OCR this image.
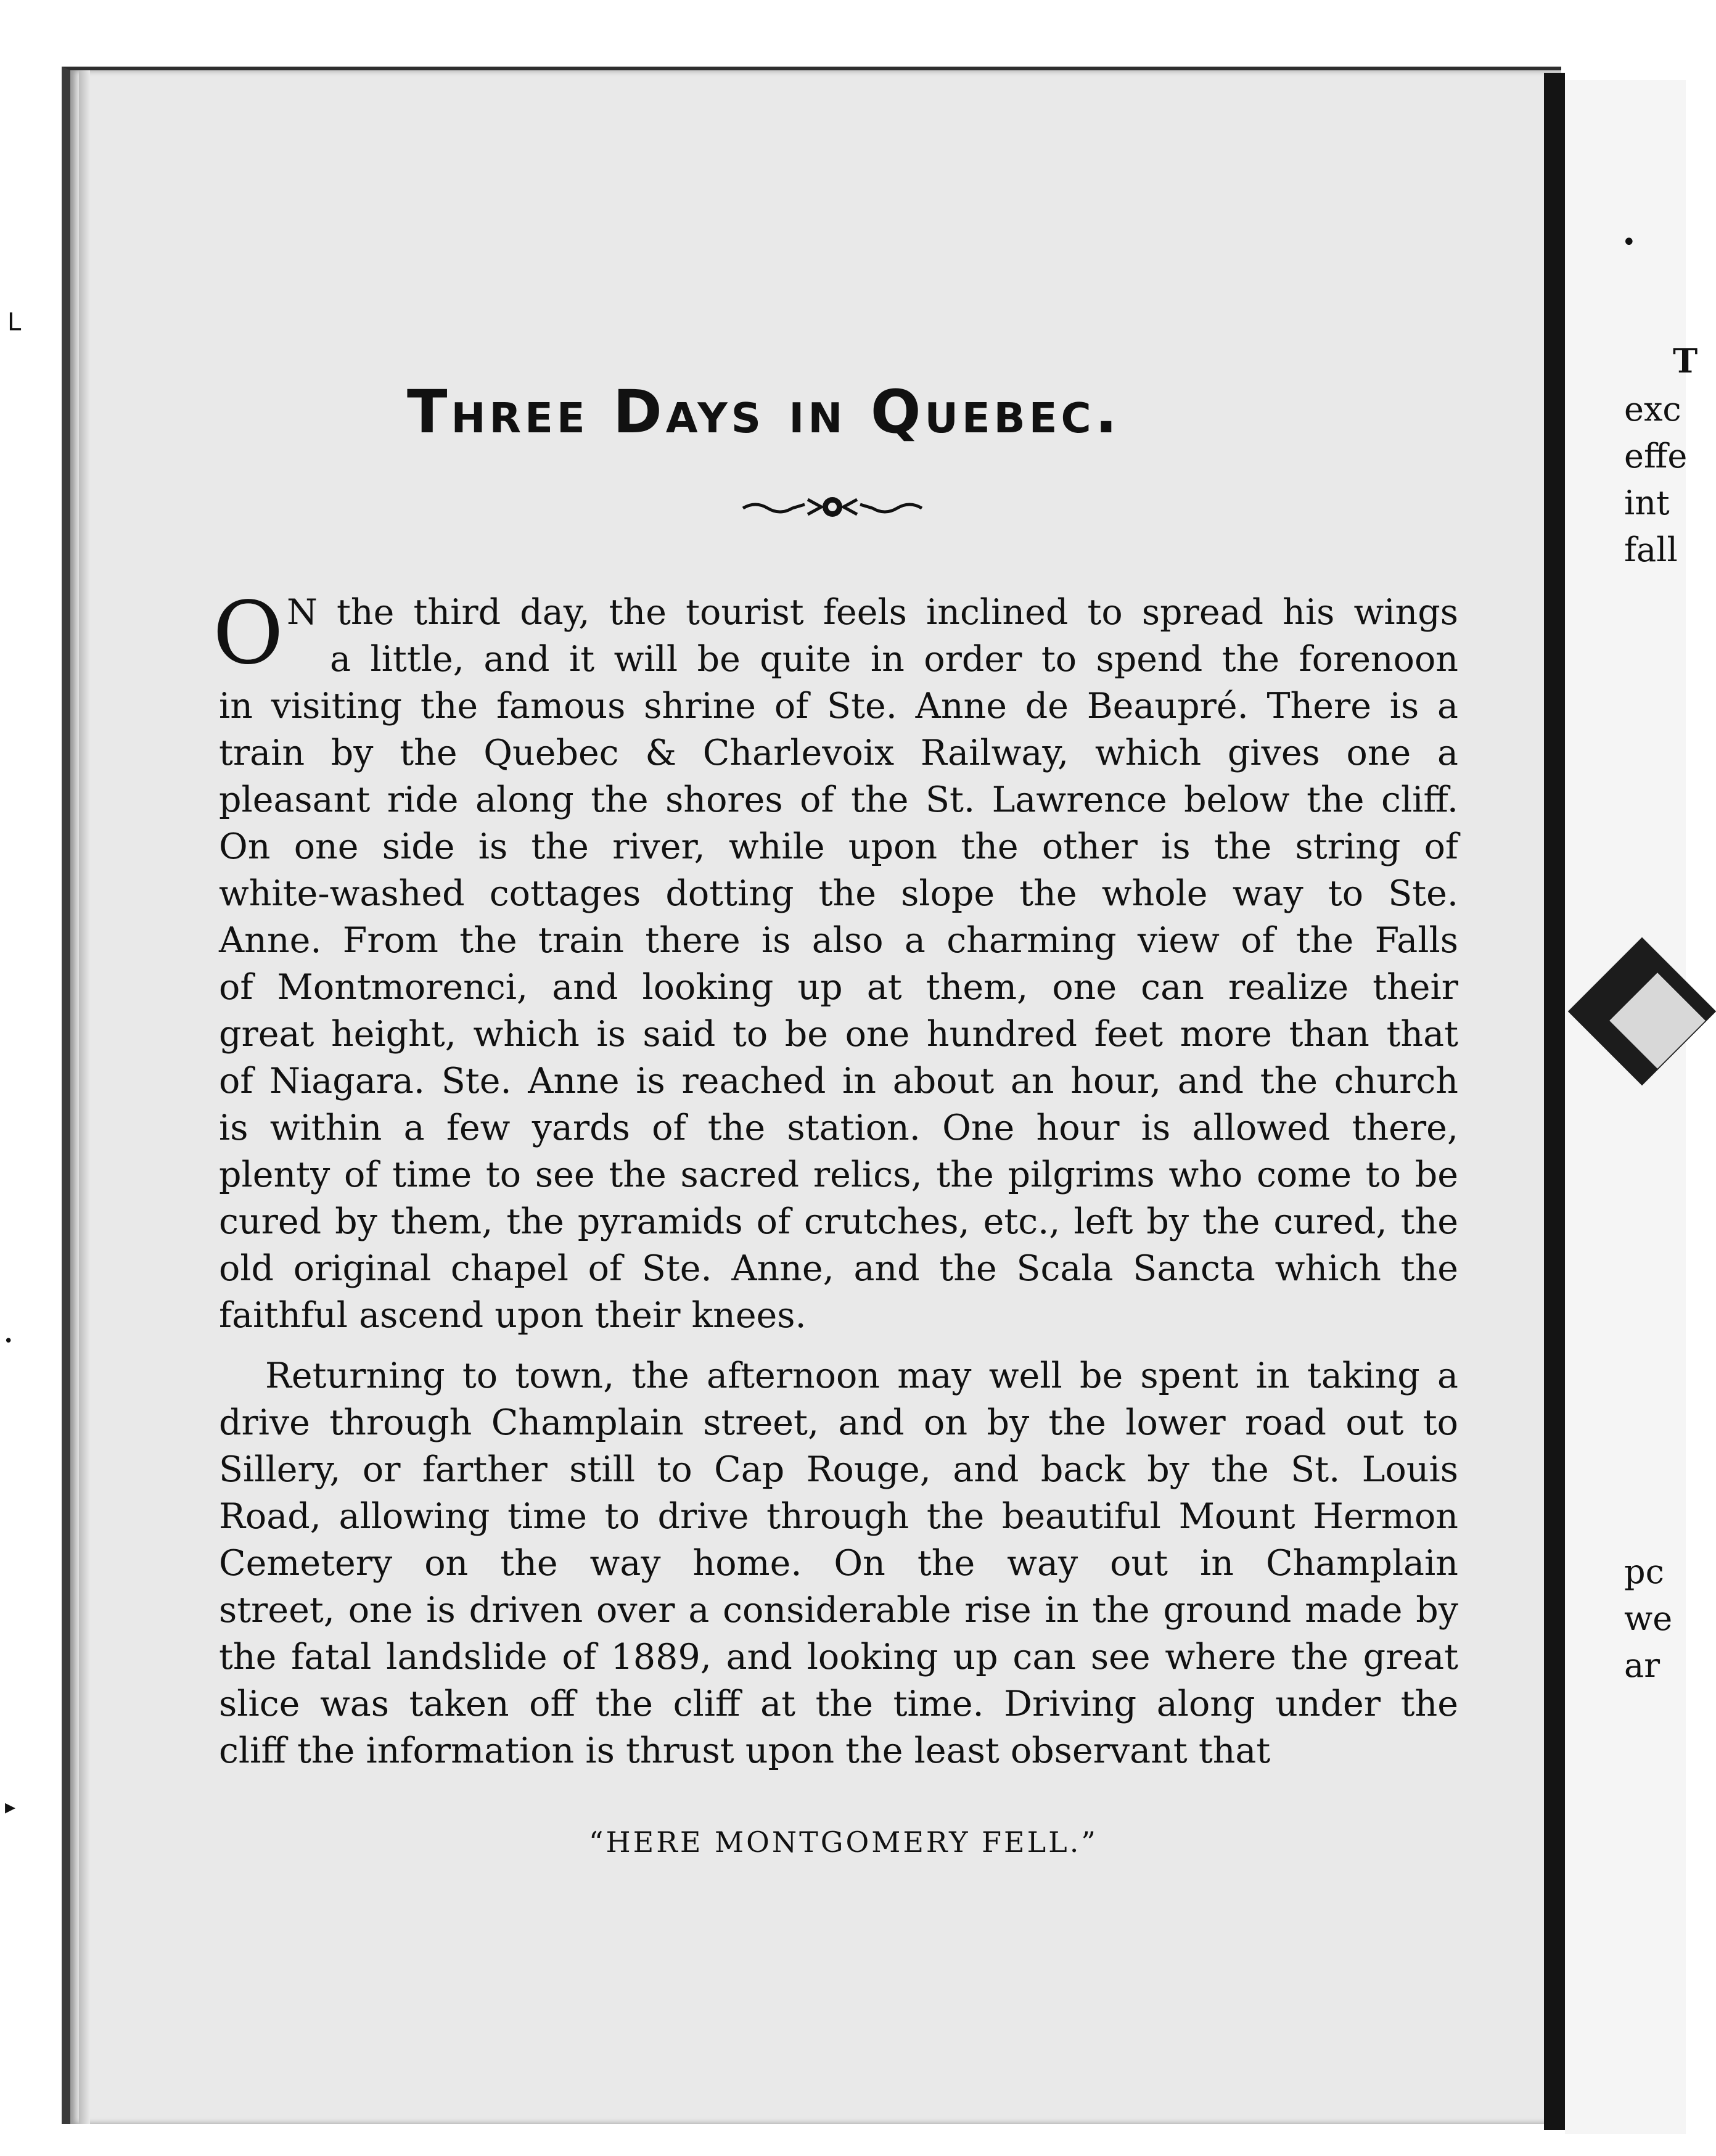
ᒪ
•
▸
Three Days in Quebec.
O N the third day, the tourist feels inclined to spread his wings
a little, and it will be quite in order to spend the forenoon
in visiting the famous shrine of Ste. Anne de Beaupré. There is a
train by the Quebec & Charlevoix Railway, which gives one a
pleasant ride along the shores of the St. Lawrence below the cliff.
On one side is the river, while upon the other is the string of
white-washed cottages dotting the slope the whole way to Ste.
Anne. From the train there is also a charming view of the Falls
of Montmorenci, and looking up at them, one can realize their
great height, which is said to be one hundred feet more than that
of Niagara. Ste. Anne is reached in about an hour, and the church
is within a few yards of the station. One hour is allowed there,
plenty of time to see the sacred relics, the pilgrims who come to be
cured by them, the pyramids of crutches, etc., left by the cured, the
old original chapel of Ste. Anne, and the Scala Sancta which the
faithful ascend upon their knees.
Returning to town, the afternoon may well be spent in taking a
drive through Champlain street, and on by the lower road out to
Sillery, or farther still to Cap Rouge, and back by the St. Louis
Road, allowing time to drive through the beautiful Mount Hermon
Cemetery on the way home. On the way out in Champlain
street, one is driven over a considerable rise in the ground made by
the fatal landslide of 1889, and looking up can see where the great
slice was taken off the cliff at the time. Driving along under the
cliff the information is thrust upon the least observant that
“HERE MONTGOMERY FELL.”
T
exc
effe
int
fall
pc
we
ar
•
